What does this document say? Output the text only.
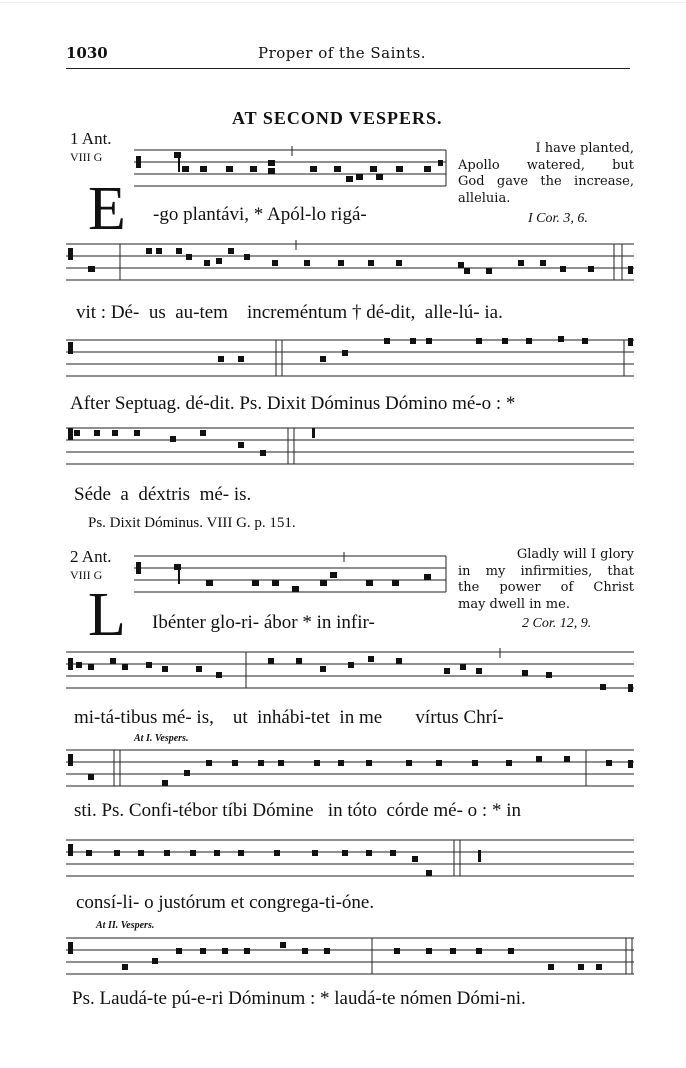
1030	Proper of the Saints.
AT SECOND VESPERS.
1 Ant.
VIII G
E
I have planted,
Apollo watered, but
God gave the increase,
alleluia.
I Cor. 3, 6.
-go plantávi, * Apól-lo rigá-
vit : Dé-  us  au-tem    increméntum † dé-dit,  alle-lú- ia.
After Septuag. dé-dit. Ps. Dixit Dóminus Dómino mé-o : *
Séde  a  déxtris  mé- is.
Ps. Dixit Dóminus. VIII G. p. 151.
2 Ant.
VIII G
L
Gladly will I glory
in my infirmities, that
the power of Christ
may dwell in me.
2 Cor. 12, 9.
Ibénter glo-ri- ábor * in infir-
mi-tá-tibus mé- is,    ut  inhábi-tet  in me       vírtus Chrí-
At I. Vespers.
sti. Ps. Confi-tébor tíbi Dómine   in tóto  córde mé- o : * in
consí-li- o justórum et congrega-ti-óne.
At II. Vespers.
Ps. Laudá-te pú-e-ri Dóminum : * laudá-te nómen Dómi-ni.
